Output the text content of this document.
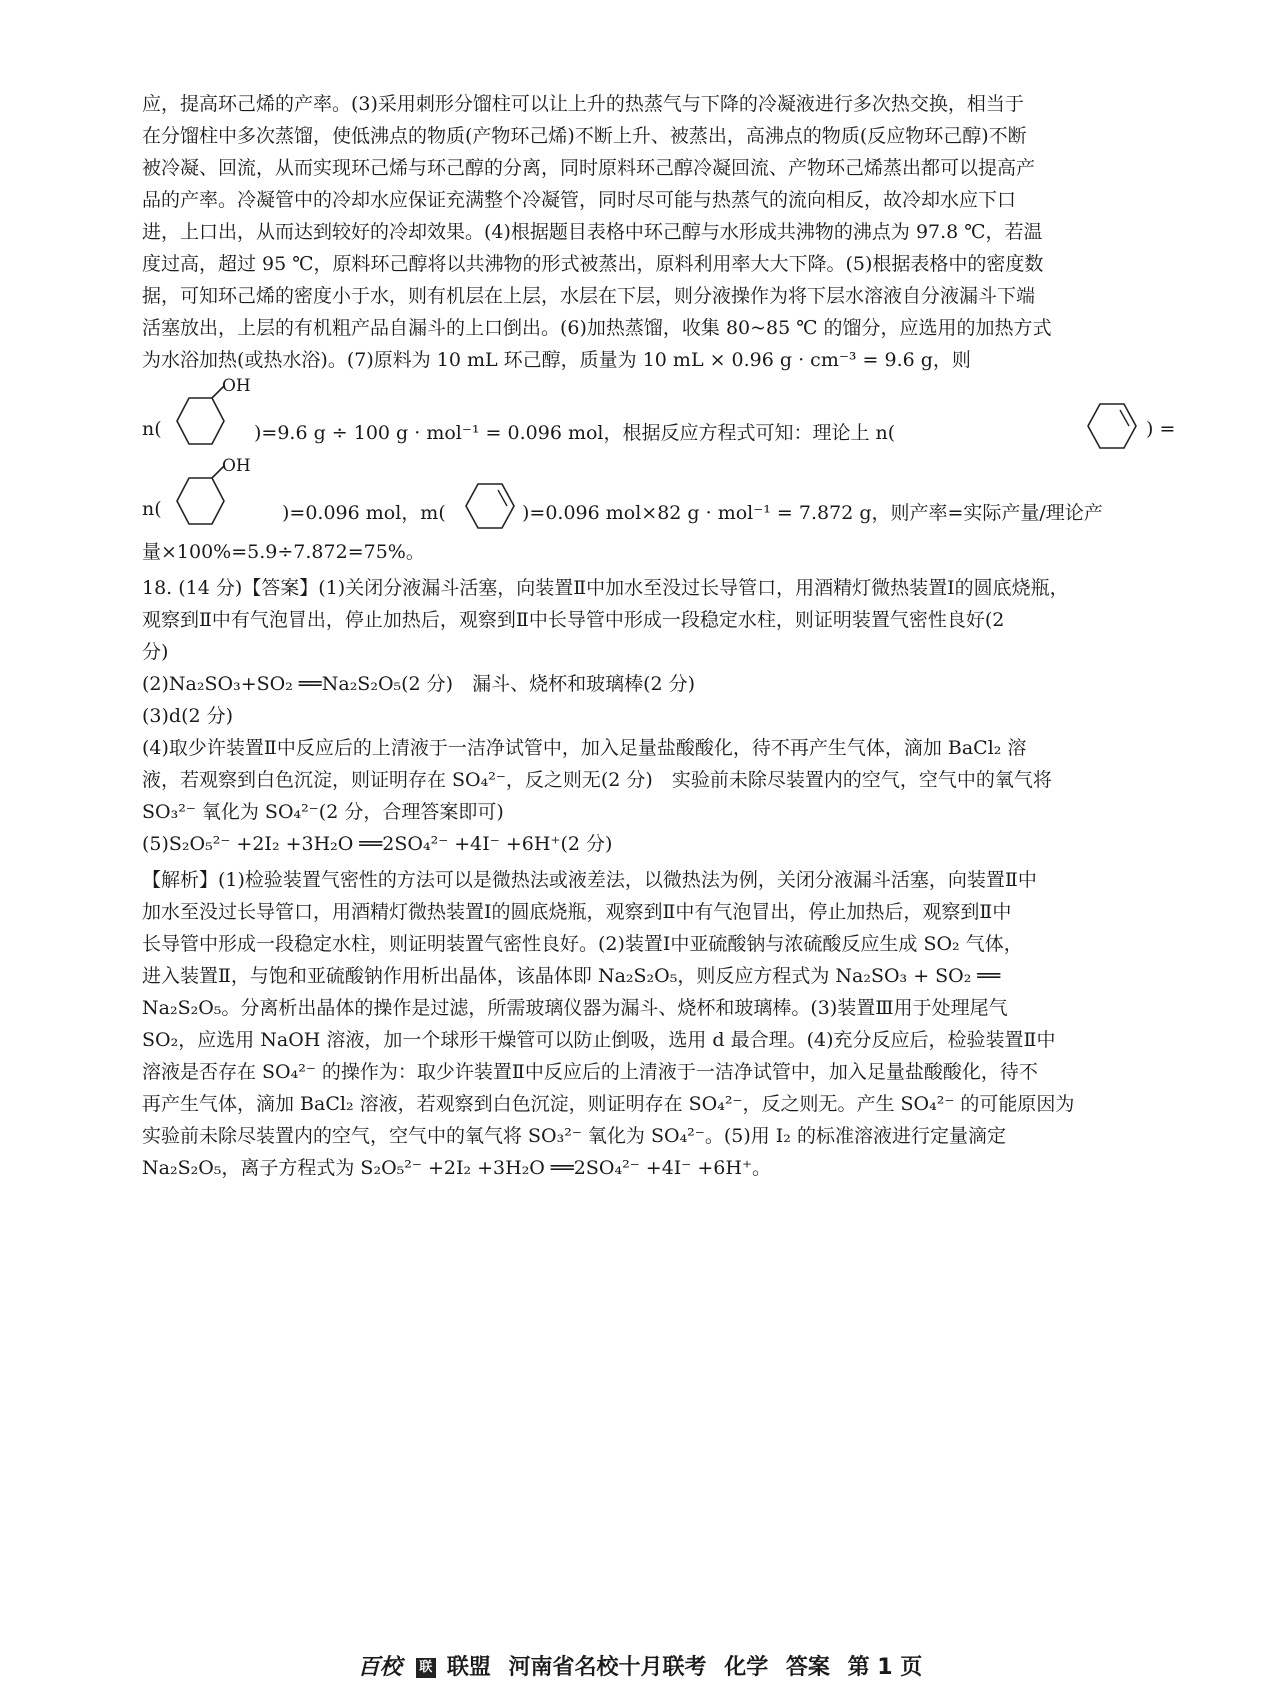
应，提高环己烯的产率。(3)采用刺形分馏柱可以让上升的热蒸气与下降的冷凝液进行多次热交换，相当于

在分馏柱中多次蒸馏，使低沸点的物质(产物环己烯)不断上升、被蒸出，高沸点的物质(反应物环己醇)不断

被冷凝、回流，从而实现环己烯与环己醇的分离，同时原料环己醇冷凝回流、产物环己烯蒸出都可以提高产

品的产率。冷凝管中的冷却水应保证充满整个冷凝管，同时尽可能与热蒸气的流向相反，故冷却水应下口

进，上口出，从而达到较好的冷却效果。(4)根据题目表格中环己醇与水形成共沸物的沸点为 97.8 ℃，若温

度过高，超过 95 ℃，原料环己醇将以共沸物的形式被蒸出，原料利用率大大下降。(5)根据表格中的密度数

据，可知环己烯的密度小于水，则有机层在上层，水层在下层，则分液操作为将下层水溶液自分液漏斗下端

活塞放出，上层的有机粗产品自漏斗的上口倒出。(6)加热蒸馏，收集 80~85 ℃ 的馏分，应选用的加热方式

为水浴加热(或热水浴)。(7)原料为 10 mL 环己醇，质量为 10 mL × 0.96 g · cm⁻³ = 9.6 g，则

n(
OH
)=9.6 g ÷ 100 g · mol⁻¹ = 0.096 mol，根据反应方程式可知：理论上 n(	) =
n(
OH
)=0.096 mol，m(	)=0.096 mol×82 g · mol⁻¹ = 7.872 g，则产率=实际产量/理论产

量×100%=5.9÷7.872=75%。

18. (14 分)【答案】(1)关闭分液漏斗活塞，向装置Ⅱ中加水至没过长导管口，用酒精灯微热装置Ⅰ的圆底烧瓶，

观察到Ⅱ中有气泡冒出，停止加热后，观察到Ⅱ中长导管中形成一段稳定水柱，则证明装置气密性良好(2

分)

(2)Na₂SO₃+SO₂ ══Na₂S₂O₅(2 分)　漏斗、烧杯和玻璃棒(2 分)

(3)d(2 分)

(4)取少许装置Ⅱ中反应后的上清液于一洁净试管中，加入足量盐酸酸化，待不再产生气体，滴加 BaCl₂ 溶

液，若观察到白色沉淀，则证明存在 SO₄²⁻，反之则无(2 分)　实验前未除尽装置内的空气，空气中的氧气将

SO₃²⁻ 氧化为 SO₄²⁻(2 分，合理答案即可)

(5)S₂O₅²⁻ +2I₂ +3H₂O ══2SO₄²⁻ +4I⁻ +6H⁺(2 分)

【解析】(1)检验装置气密性的方法可以是微热法或液差法，以微热法为例，关闭分液漏斗活塞，向装置Ⅱ中

加水至没过长导管口，用酒精灯微热装置Ⅰ的圆底烧瓶，观察到Ⅱ中有气泡冒出，停止加热后，观察到Ⅱ中

长导管中形成一段稳定水柱，则证明装置气密性良好。(2)装置Ⅰ中亚硫酸钠与浓硫酸反应生成 SO₂ 气体，

进入装置Ⅱ，与饱和亚硫酸钠作用析出晶体，该晶体即 Na₂S₂O₅，则反应方程式为 Na₂SO₃ + SO₂ ══

Na₂S₂O₅。分离析出晶体的操作是过滤，所需玻璃仪器为漏斗、烧杯和玻璃棒。(3)装置Ⅲ用于处理尾气

SO₂，应选用 NaOH 溶液，加一个球形干燥管可以防止倒吸，选用 d 最合理。(4)充分反应后，检验装置Ⅱ中

溶液是否存在 SO₄²⁻ 的操作为：取少许装置Ⅱ中反应后的上清液于一洁净试管中，加入足量盐酸酸化，待不

再产生气体，滴加 BaCl₂ 溶液，若观察到白色沉淀，则证明存在 SO₄²⁻，反之则无。产生 SO₄²⁻ 的可能原因为

实验前未除尽装置内的空气，空气中的氧气将 SO₃²⁻ 氧化为 SO₄²⁻。(5)用 I₂ 的标准溶液进行定量滴定

Na₂S₂O₅，离子方程式为 S₂O₅²⁻ +2I₂ +3H₂O ══2SO₄²⁻ +4I⁻ +6H⁺。

百校 联 联盟 河南省名校十月联考 化学 答案 第 1 页
